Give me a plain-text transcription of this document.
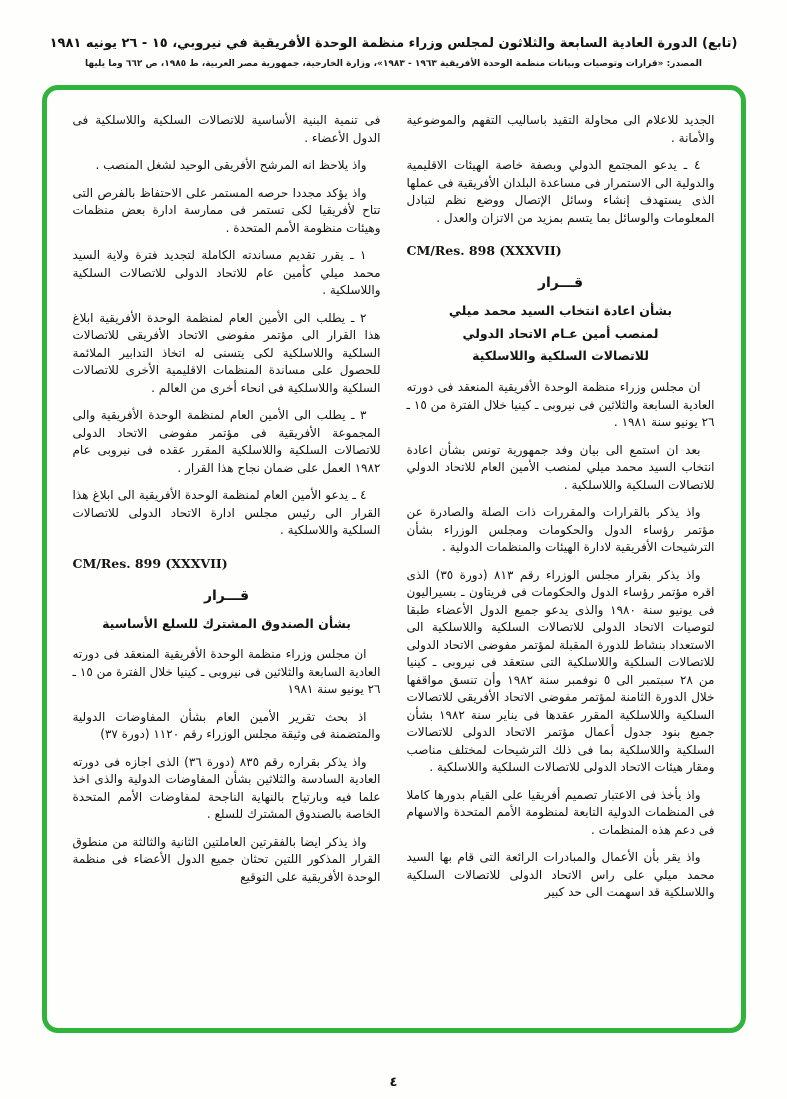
(تابع) الدورة العادية السابعة والثلاثون لمجلس وزراء منظمة الوحدة الأفريقية في نيروبي، ١٥ - ٢٦ يونيه ١٩٨١
المصدر: «قرارات وتوصيات وبيانات منظمة الوحدة الأفريقية ١٩٦٣ - ١٩٨٣»، وزارة الخارجية، جمهورية مصر العربية، ط ١٩٨٥، ص ٦٦٢ وما يليها

الجديد للاعلام الى محاولة التقيد باساليب التفهم والموضوعية والأمانة .

٤ ـ يدعو المجتمع الدولي وبصفة خاصة الهيئات الاقليمية والدولية الى الاستمرار فى مساعدة البلدان الأفريقية فى عملها الذى يستهدف إنشاء وسائل الإتصال ووضع نظم لتبادل المعلومات والوسائل بما يتسم بمزيد من الاتزان والعدل .

CM/Res. 898 (XXXVII)

قـــرار

بشأن اعادة انتخاب السيد محمد ميلي

لمنصب أمين عـام الاتحاد الدولي

للاتصالات السلكية واللاسلكية

ان مجلس وزراء منظمة الوحدة الأفريقية المنعقد فى دورته العادية السابعة والثلاثين فى نيروبى ـ كينيا خلال الفترة من ١٥ ـ ٢٦ يونيو سنة ١٩٨١ .

بعد ان استمع الى بيان وفد جمهورية تونس بشأن اعادة انتخاب السيد محمد ميلي لمنصب الأمين العام للاتحاد الدولي للاتصالات السلكية واللاسلكية .

واذ يذكر بالقرارات والمقررات ذات الصلة والصادرة عن مؤتمر رؤساء الدول والحكومات ومجلس الوزراء بشأن الترشيحات الأفريقية لادارة الهيئات والمنظمات الدولية .

واذ يذكر بقرار مجلس الوزراء رقم ٨١٣ (دورة ٣٥) الذى اقره مؤتمر رؤساء الدول والحكومات فى فريتاون ـ بسيراليون فى يونيو سنة ١٩٨٠ والذى يدعو جميع الدول الأعضاء طبقا لتوصيات الاتحاد الدولى للاتصالات السلكية واللاسلكية الى الاستعداد بنشاط للدورة المقبلة لمؤتمر مفوضى الاتحاد الدولى للاتصالات السلكية واللاسلكية التى ستعقد فى نيروبى ـ كينيا من ٢٨ سبتمبر الى ٥ نوفمبر سنة ١٩٨٢ وأن تنسق مواقفها خلال الدورة الثامنة لمؤتمر مفوضى الاتحاد الأفريقى للاتصالات السلكية واللاسلكية المقرر عقدها فى يناير سنة ١٩٨٢ بشأن جميع بنود جدول أعمال مؤتمر الاتحاد الدولى للاتصالات السلكية واللاسلكية بما فى ذلك الترشيحات لمختلف مناصب ومقار هيئات الاتحاد الدولى للاتصالات السلكية واللاسلكية .

واذ يأخذ فى الاعتبار تصميم أفريقيا على القيام بدورها كاملا فى المنظمات الدولية التابعة لمنظومة الأمم المتحدة والاسهام فى دعم هذه المنظمات .

واذ يقر بأن الأعمال والمبادرات الرائعة التى قام بها السيد محمد ميلي على راس الاتحاد الدولى للاتصالات السلكية واللاسلكية قد اسهمت الى حد كبير

فى تنمية البنية الأساسية للاتصالات السلكية واللاسلكية فى الدول الأعضاء .

واذ يلاحظ انه المرشح الأفريقى الوحيد لشغل المنصب .

واذ يؤكد مجددا حرصه المستمر على الاحتفاظ بالفرص التى تتاح لأفريقيا لكى تستمر فى ممارسة ادارة بعض منظمات وهيئات منظومة الأمم المتحدة .

١ ـ يقرر تقديم مساندته الكاملة لتجديد فترة ولاية السيد محمد ميلي كأمين عام للاتحاد الدولى للاتصالات السلكية واللاسلكية .

٢ ـ يطلب الى الأمين العام لمنظمة الوحدة الأفريقية ابلاغ هذا القرار الى مؤتمر مفوضى الاتحاد الأفريقى للاتصالات السلكية واللاسلكية لكى يتسنى له اتخاذ التدابير الملائمة للحصول على مساندة المنظمات الاقليمية الأخرى للاتصالات السلكية واللاسلكية فى انحاء أخرى من العالم .

٣ ـ يطلب الى الأمين العام لمنظمة الوحدة الأفريقية والى المجموعة الأفريقية فى مؤتمر مفوضى الاتحاد الدولى للاتصالات السلكية واللاسلكية المقرر عقده فى نيروبى عام ١٩٨٢ العمل على ضمان نجاح هذا القرار .

٤ ـ يدعو الأمين العام لمنظمة الوحدة الأفريقية الى ابلاغ هذا القرار الى رئيس مجلس ادارة الاتحاد الدولى للاتصالات السلكية واللاسلكية .

CM/Res. 899 (XXXVII)

قـــرار

بشأن الصندوق المشترك للسلع الأساسية

ان مجلس وزراء منظمة الوحدة الأفريقية المنعقد فى دورته العادية السابعة والثلاثين فى نيروبى ـ كينيا خلال الفترة من ١٥ ـ ٢٦ يونيو سنة ١٩٨١

اذ بحث تقرير الأمين العام بشأن المفاوضات الدولية والمتضمنة فى وثيقة مجلس الوزراء رقم ١١٢٠ (دورة ٣٧)

واذ يذكر بقراره رقم ٨٣٥ (دورة ٣٦) الذى اجازه فى دورته العادية السادسة والثلاثين بشأن المفاوضات الدولية والذى اخذ علما فيه وبارتياح بالنهاية الناجحة لمفاوضات الأمم المتحدة الخاصة بالصندوق المشترك للسلع .

واذ يذكر ايضا بالفقرتين العاملتين الثانية والثالثة من منطوق القرار المذكور اللتين تحثان جميع الدول الأعضاء فى منظمة الوحدة الأفريقية على التوقيع

٤
